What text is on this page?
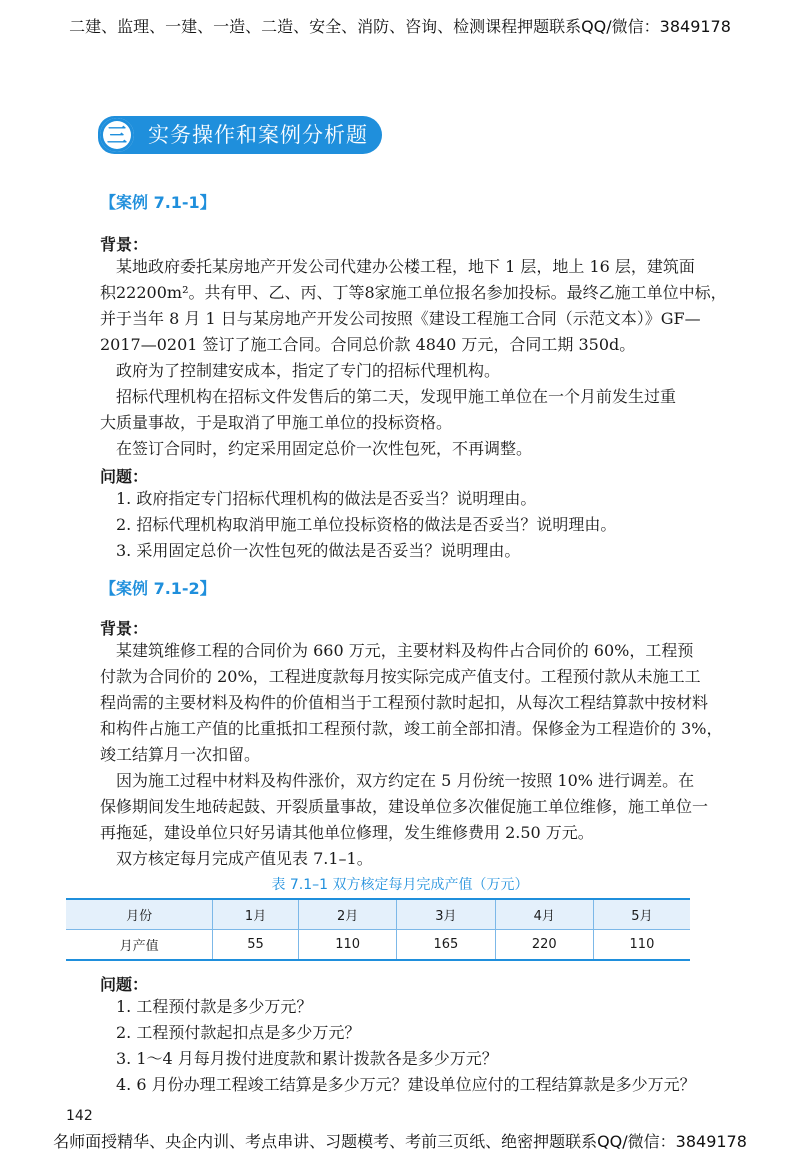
二建、监理、一建、一造、二造、安全、消防、咨询、检测课程押题联系QQ/微信：3849178
三	实务操作和案例分析题
【案例 7.1-1】
背景：
某地政府委托某房地产开发公司代建办公楼工程，地下 1 层，地上 16 层，建筑面
积22200m²。共有甲、乙、丙、丁等8家施工单位报名参加投标。最终乙施工单位中标，
并于当年 8 月 1 日与某房地产开发公司按照《建设工程施工合同（示范文本）》GF—
2017—0201 签订了施工合同。合同总价款 4840 万元，合同工期 350d。
政府为了控制建安成本，指定了专门的招标代理机构。
招标代理机构在招标文件发售后的第二天，发现甲施工单位在一个月前发生过重
大质量事故，于是取消了甲施工单位的投标资格。
在签订合同时，约定采用固定总价一次性包死，不再调整。
问题：
1. 政府指定专门招标代理机构的做法是否妥当？说明理由。
2. 招标代理机构取消甲施工单位投标资格的做法是否妥当？说明理由。
3. 采用固定总价一次性包死的做法是否妥当？说明理由。
【案例 7.1-2】
背景：
某建筑维修工程的合同价为 660 万元，主要材料及构件占合同价的 60%，工程预
付款为合同价的 20%，工程进度款每月按实际完成产值支付。工程预付款从未施工工
程尚需的主要材料及构件的价值相当于工程预付款时起扣，从每次工程结算款中按材料
和构件占施工产值的比重抵扣工程预付款，竣工前全部扣清。保修金为工程造价的 3%，
竣工结算月一次扣留。
因为施工过程中材料及构件涨价，双方约定在 5 月份统一按照 10% 进行调差。在
保修期间发生地砖起鼓、开裂质量事故，建设单位多次催促施工单位维修，施工单位一
再拖延，建设单位只好另请其他单位修理，发生维修费用 2.50 万元。
双方核定每月完成产值见表 7.1–1。
表 7.1–1 双方核定每月完成产值（万元）
月份	1月	2月	3月	4月	5月
月产值	55	110	165	220	110
问题：
1. 工程预付款是多少万元？
2. 工程预付款起扣点是多少万元？
3. 1～4 月每月拨付进度款和累计拨款各是多少万元？
4. 6 月份办理工程竣工结算是多少万元？建设单位应付的工程结算款是多少万元？
142
名师面授精华、央企内训、考点串讲、习题模考、考前三页纸、绝密押题联系QQ/微信：3849178
